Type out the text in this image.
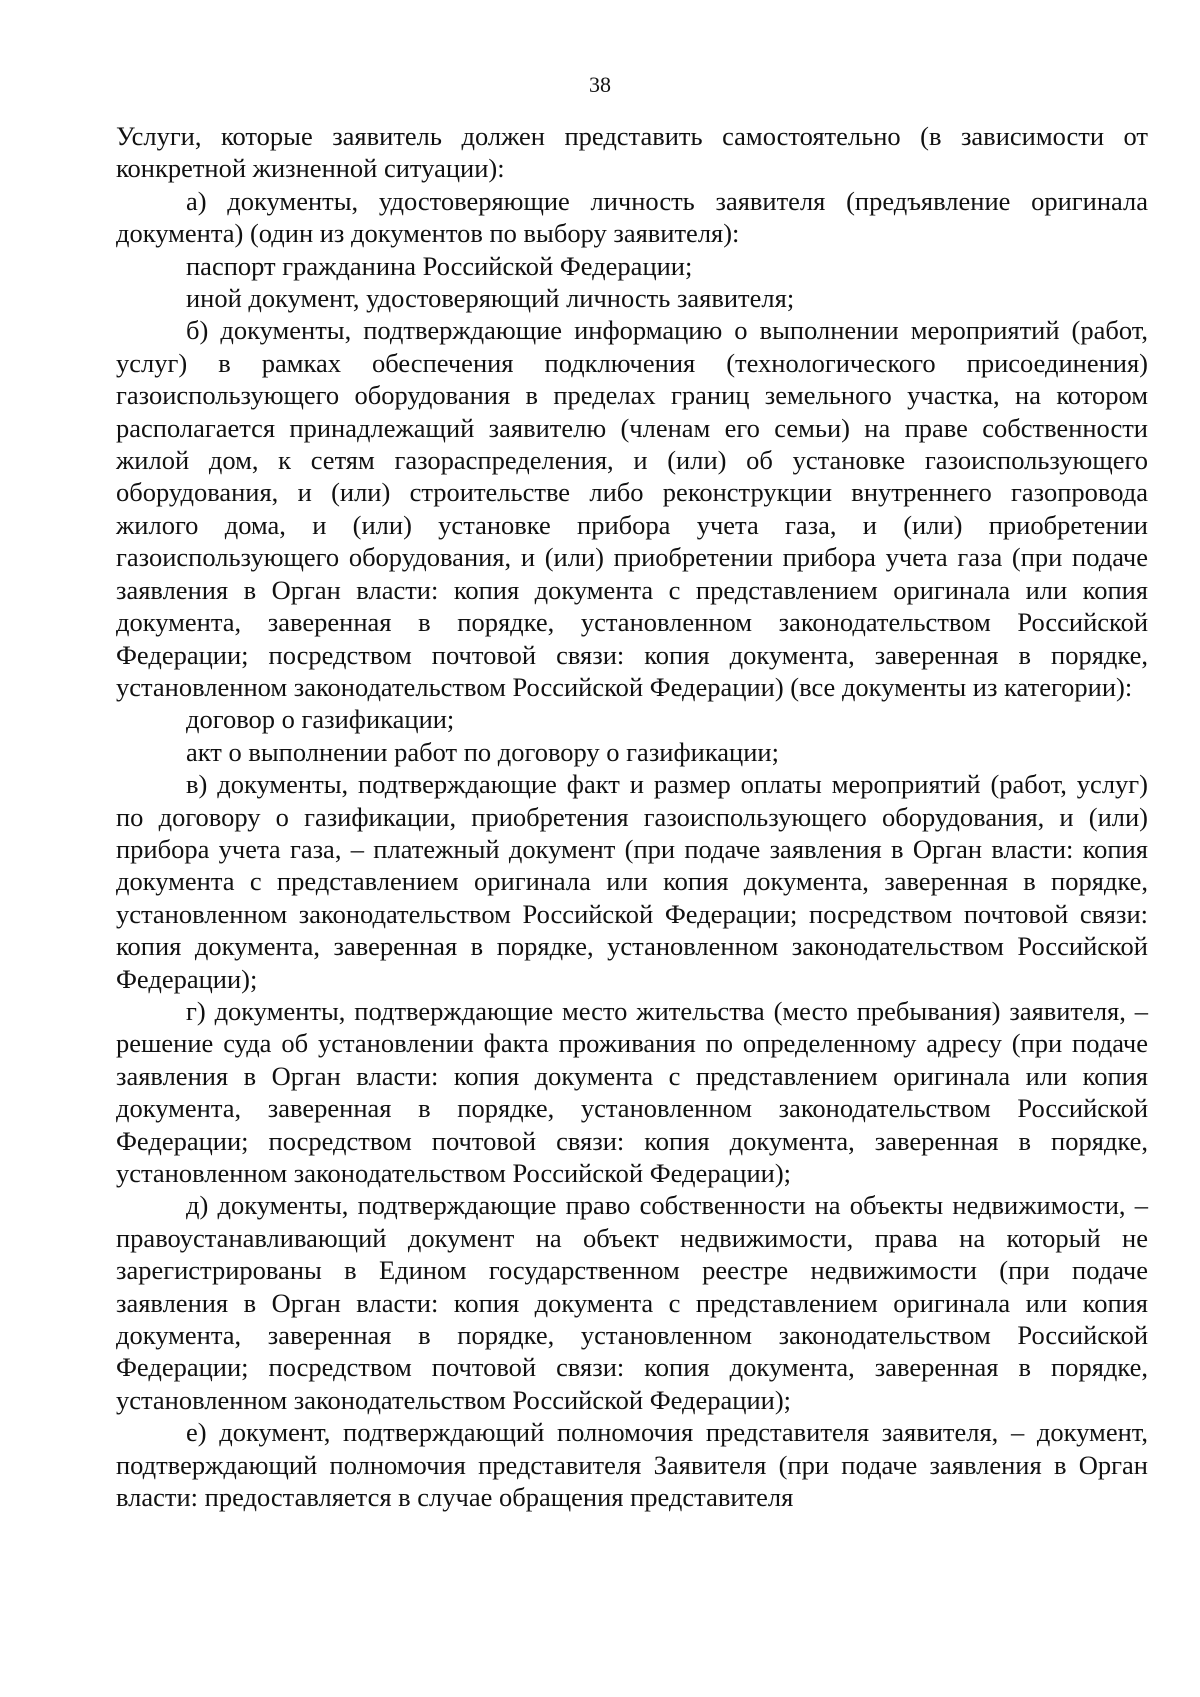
38

Услуги, которые заявитель должен представить самостоятельно (в зависимости от конкретной жизненной ситуации):

а) документы, удостоверяющие личность заявителя (предъявление оригинала документа) (один из документов по выбору заявителя):

паспорт гражданина Российской Федерации;

иной документ, удостоверяющий личность заявителя;

б) документы, подтверждающие информацию о выполнении мероприятий (работ, услуг) в рамках обеспечения подключения (технологического присоединения) газоиспользующего оборудования в пределах границ земельного участка, на котором располагается принадлежащий заявителю (членам его семьи) на праве собственности жилой дом, к сетям газораспределения, и (или) об установке газоиспользующего оборудования, и (или) строительстве либо реконструкции внутреннего газопровода жилого дома, и (или) установке прибора учета газа, и (или) приобретении газоиспользующего оборудования, и (или) приобретении прибора учета газа (при подаче заявления в Орган власти: копия документа с представлением оригинала или копия документа, заверенная в порядке, установленном законодательством Российской Федерации; посредством почтовой связи: копия документа, заверенная в порядке, установленном законодательством Российской Федерации) (все документы из категории):

договор о газификации;

акт о выполнении работ по договору о газификации;

в) документы, подтверждающие факт и размер оплаты мероприятий (работ, услуг) по договору о газификации, приобретения газоиспользующего оборудования, и (или) прибора учета газа, – платежный документ (при подаче заявления в Орган власти: копия документа с представлением оригинала или копия документа, заверенная в порядке, установленном законодательством Российской Федерации; посредством почтовой связи: копия документа, заверенная в порядке, установленном законодательством Российской Федерации);

г) документы, подтверждающие место жительства (место пребывания) заявителя, – решение суда об установлении факта проживания по определенному адресу (при подаче заявления в Орган власти: копия документа с представлением оригинала или копия документа, заверенная в порядке, установленном законодательством Российской Федерации; посредством почтовой связи: копия документа, заверенная в порядке, установленном законодательством Российской Федерации);

д) документы, подтверждающие право собственности на объекты недвижимости, – правоустанавливающий документ на объект недвижимости, права на который не зарегистрированы в Едином государственном реестре недвижимости (при подаче заявления в Орган власти: копия документа с представлением оригинала или копия документа, заверенная в порядке, установленном законодательством Российской Федерации; посредством почтовой связи: копия документа, заверенная в порядке, установленном законодательством Российской Федерации);

е) документ, подтверждающий полномочия представителя заявителя, – документ, подтверждающий полномочия представителя Заявителя (при подаче заявления в Орган власти: предоставляется в случае обращения представителя
